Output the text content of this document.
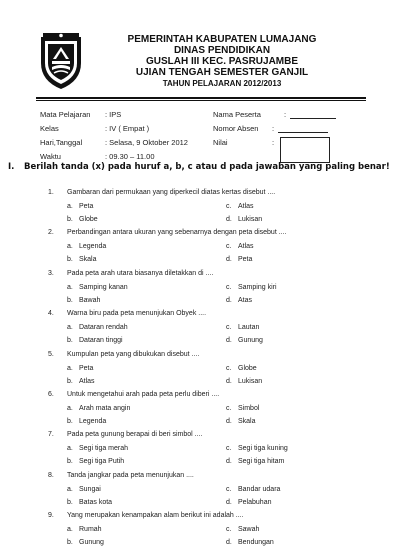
PEMERINTAH KABUPATEN LUMAJANG
DINAS PENDIDIKAN
GUSLAH III KEC. PASRUJAMBE
UJIAN TENGAH SEMESTER GANJIL
TAHUN PELAJARAN 2012/2013
Mata Pelajaran : IPS
Kelas	: IV ( Empat )
Hari,Tanggal	: Selasa, 9 Oktober 2012
Waktu	: 09.30 – 11.00
Nama Peserta	:
Nomor Absen :
Nilai	:
I. Berilah tanda (x) pada huruf a, b, c atau d pada jawaban yang paling benar!
1.	Gambaran dari permukaan yang diperkecil diatas kertas disebut ....
a. Peta	c. Atlas
b. Globe	d. Lukisan
2.	Perbandingan antara ukuran yang sebenarnya dengan peta disebut ....
a. Legenda	c. Atlas
b. Skala	d. Peta
3.	Pada peta arah utara biasanya diletakkan di ....
a. Samping kanan	c. Samping kiri
b. Bawah	d. Atas
4.	Warna biru pada peta menunjukan Obyek ....
a. Dataran rendah	c. Lautan
b. Dataran tinggi	d. Gunung
5.	Kumpulan peta yang dibukukan disebut ....
a. Peta	c. Globe
b. Atlas	d. Lukisan
6.	Untuk mengetahui arah pada peta perlu diberi ....
a. Arah mata angin	c. Simbol
b. Legenda	d. Skala
7.	Pada peta gunung berapai di beri simbol ....
a. Segi tiga merah	c. Segi tiga kuning
b. Segi tiga Putih	d. Segi tiga hitam
8.	Tanda jangkar pada peta menunjukan ....
a. Sungai	c. Bandar udara
b. Batas kota	d. Pelabuhan
9.	Yang merupakan kenampakan alam berikut ini adalah ....
a. Rumah	c. Sawah
b. Gunung	d. Bendungan
